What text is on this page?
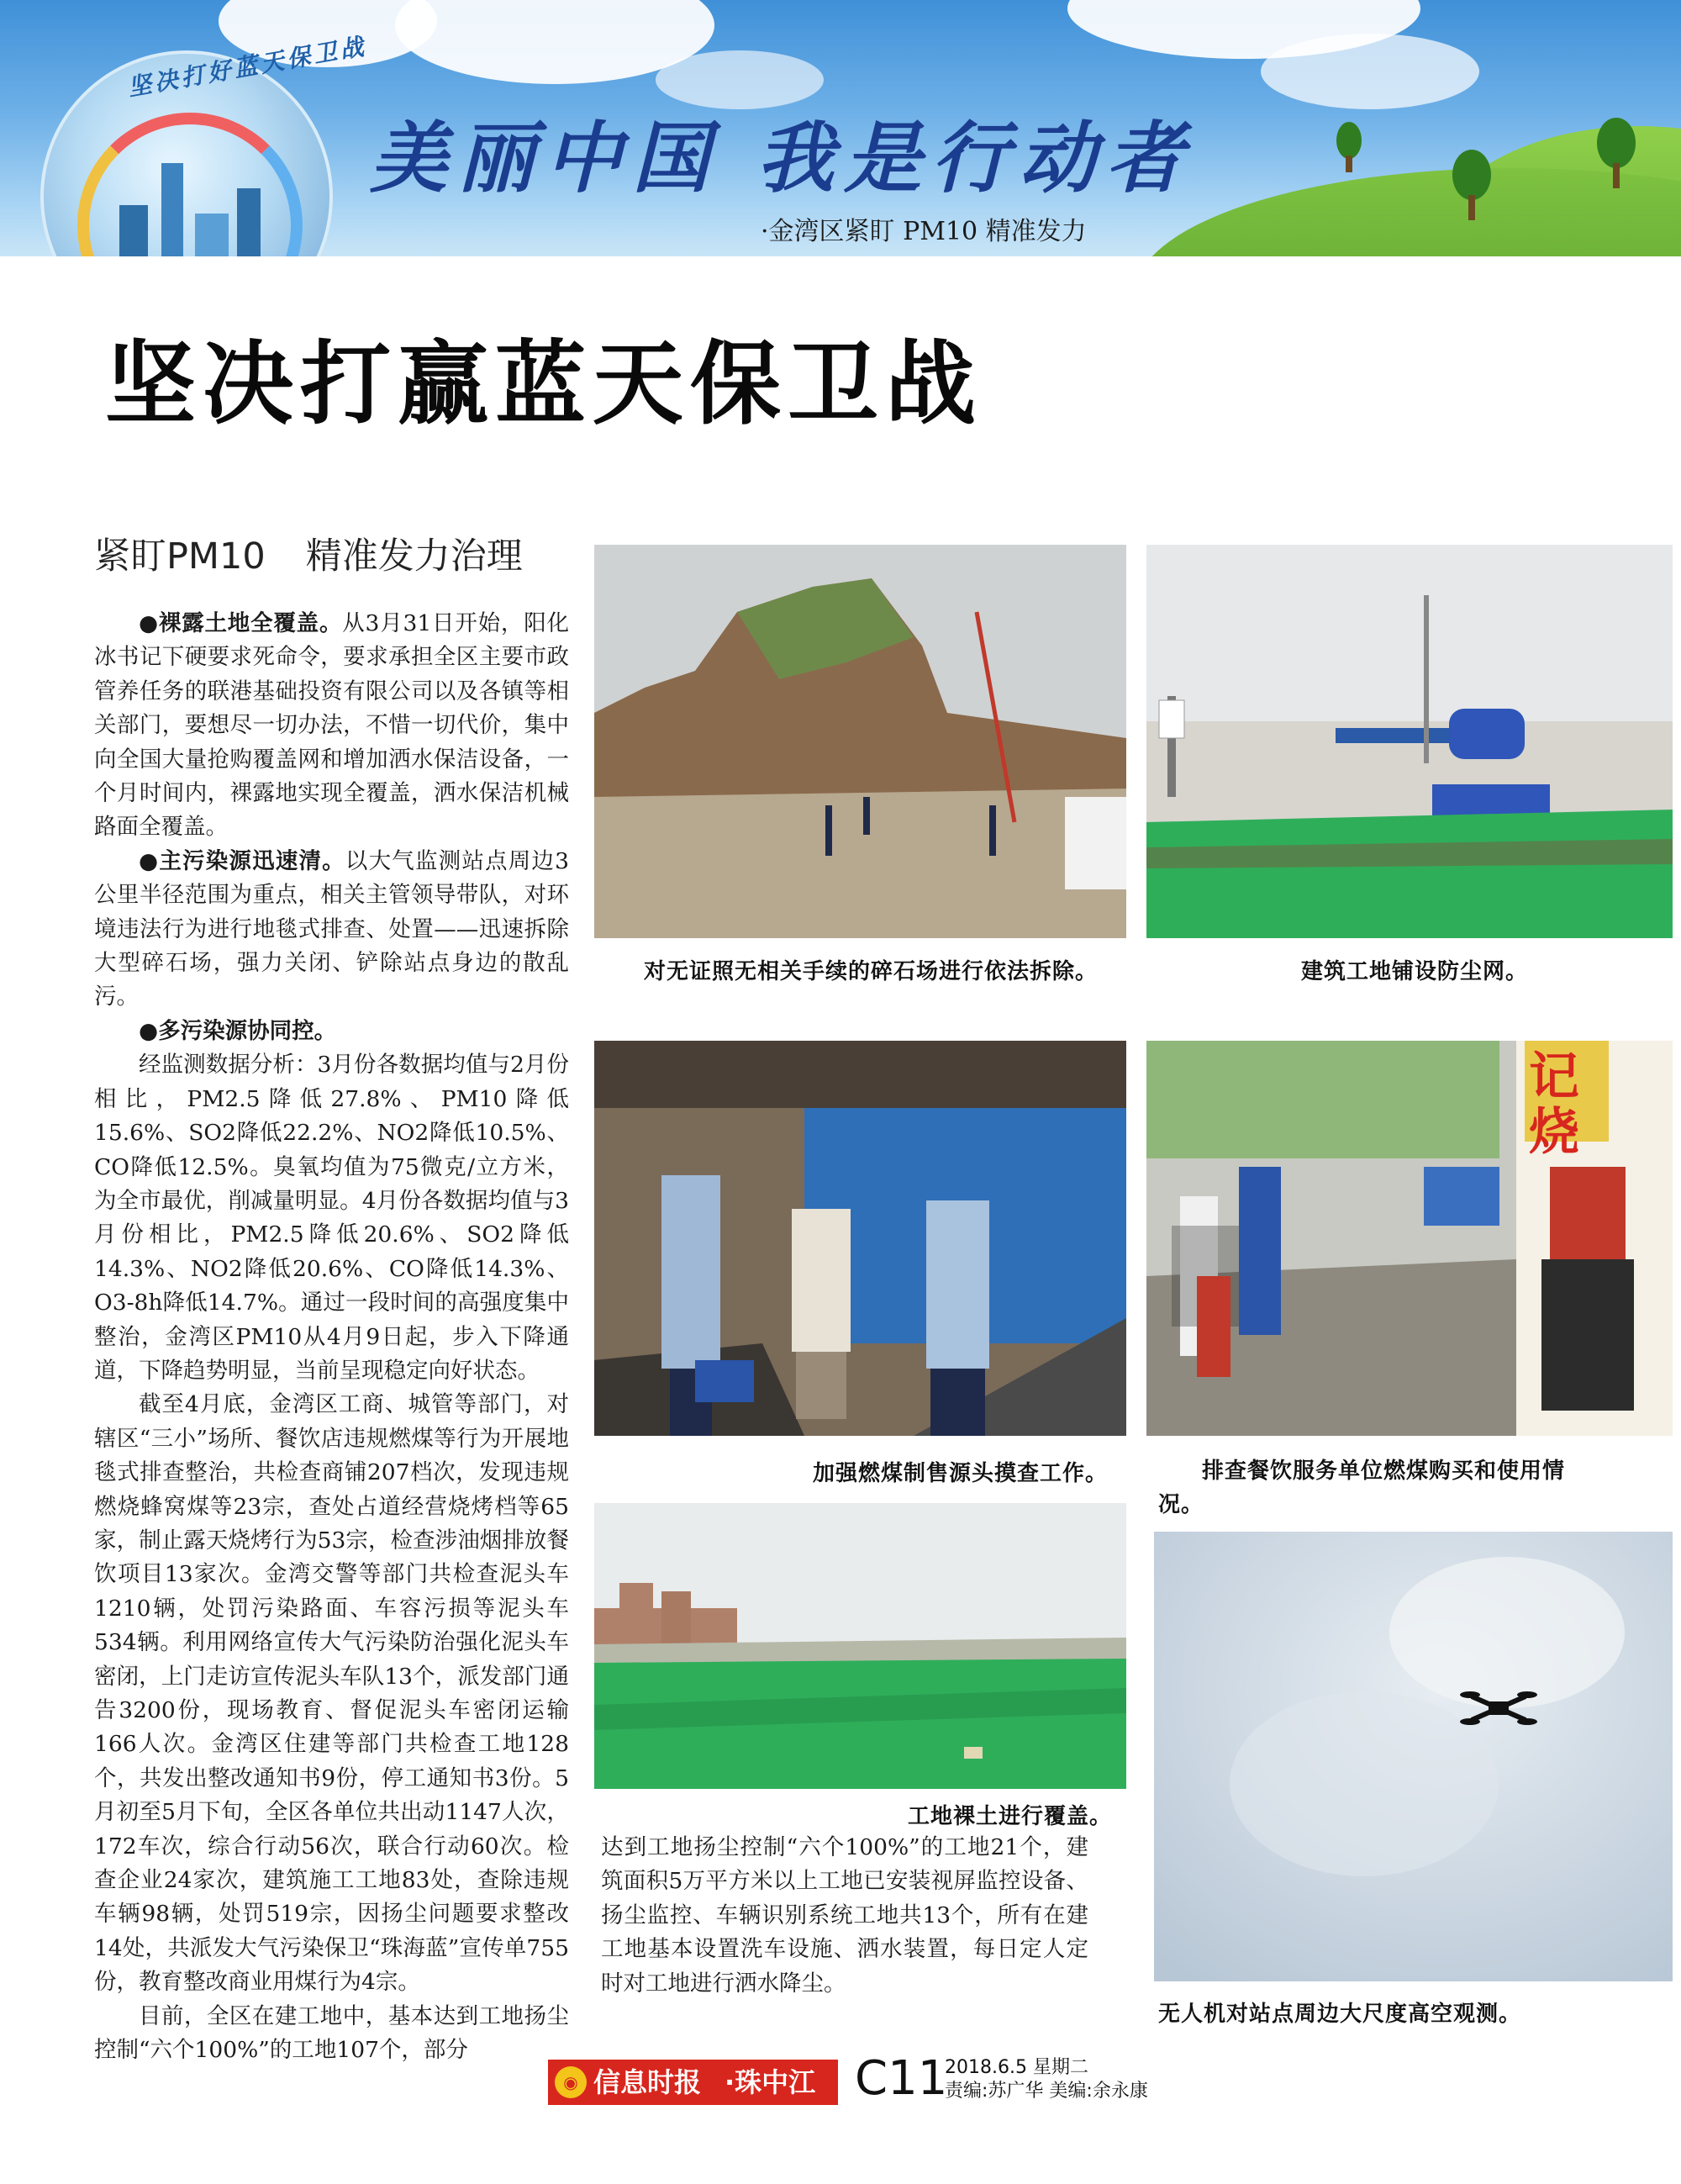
坚决打好蓝天保卫战
美丽中国 我是行动者
·金湾区紧盯 PM10 精准发力
坚决打赢蓝天保卫战
紧盯PM10 精准发力治理

●裸露土地全覆盖。从3月31日开始，阳化冰书记下硬要求死命令，要求承担全区主要市政管养任务的联港基础投资有限公司以及各镇等相关部门，要想尽一切办法，不惜一切代价，集中向全国大量抢购覆盖网和增加洒水保洁设备，一个月时间内，裸露地实现全覆盖，洒水保洁机械路面全覆盖。

●主污染源迅速清。以大气监测站点周边3公里半径范围为重点，相关主管领导带队，对环境违法行为进行地毯式排查、处置——迅速拆除大型碎石场，强力关闭、铲除站点身边的散乱污。

●多污染源协同控。

经监测数据分析：3月份各数据均值与2月份相比，PM2.5降低27.8%、PM10降低15.6%、SO2降低22.2%、NO2降低10.5%、CO降低12.5%。臭氧均值为75微克/立方米，为全市最优，削减量明显。4月份各数据均值与3月份相比，PM2.5降低20.6%、SO2降低14.3%、NO2降低20.6%、CO降低14.3%、O3-8h降低14.7%。通过一段时间的高强度集中整治，金湾区PM10从4月9日起，步入下降通道，下降趋势明显，当前呈现稳定向好状态。

截至4月底，金湾区工商、城管等部门，对辖区“三小”场所、餐饮店违规燃煤等行为开展地毯式排查整治，共检查商铺207档次，发现违规燃烧蜂窝煤等23宗，查处占道经营烧烤档等65家，制止露天烧烤行为53宗，检查涉油烟排放餐饮项目13家次。金湾交警等部门共检查泥头车1210辆，处罚污染路面、车容污损等泥头车534辆。利用网络宣传大气污染防治强化泥头车密闭，上门走访宣传泥头车队13个，派发部门通告3200份，现场教育、督促泥头车密闭运输166人次。金湾区住建等部门共检查工地128个，共发出整改通知书9份，停工通知书3份。5月初至5月下旬，全区各单位共出动1147人次，172车次，综合行动56次，联合行动60次。检查企业24家次，建筑施工工地83处，查除违规车辆98辆，处罚519宗，因扬尘问题要求整改14处，共派发大气污染保卫“珠海蓝”宣传单755份，教育整改商业用煤行为4宗。

目前，全区在建工地中，基本达到工地扬尘控制“六个100%”的工地107个，部分

对无证照无相关手续的碎石场进行依法拆除。	建筑工地铺设防尘网。
加强燃煤制售源头摸查工作。
记烧
排查餐饮服务单位燃煤购买和使用情况。
工地裸土进行覆盖。

达到工地扬尘控制“六个100%”的工地21个，建筑面积5万平方米以上工地已安装视屏监控设备、扬尘监控、车辆识别系统工地共13个，所有在建工地基本设置洗车设施、洒水装置，每日定人定时对工地进行洒水降尘。

无人机对站点周边大尺度高空观测。
◉ 信息时报 ·珠中江 C11
2018.6.5 星期二
责编:苏广华 美编:余永康
